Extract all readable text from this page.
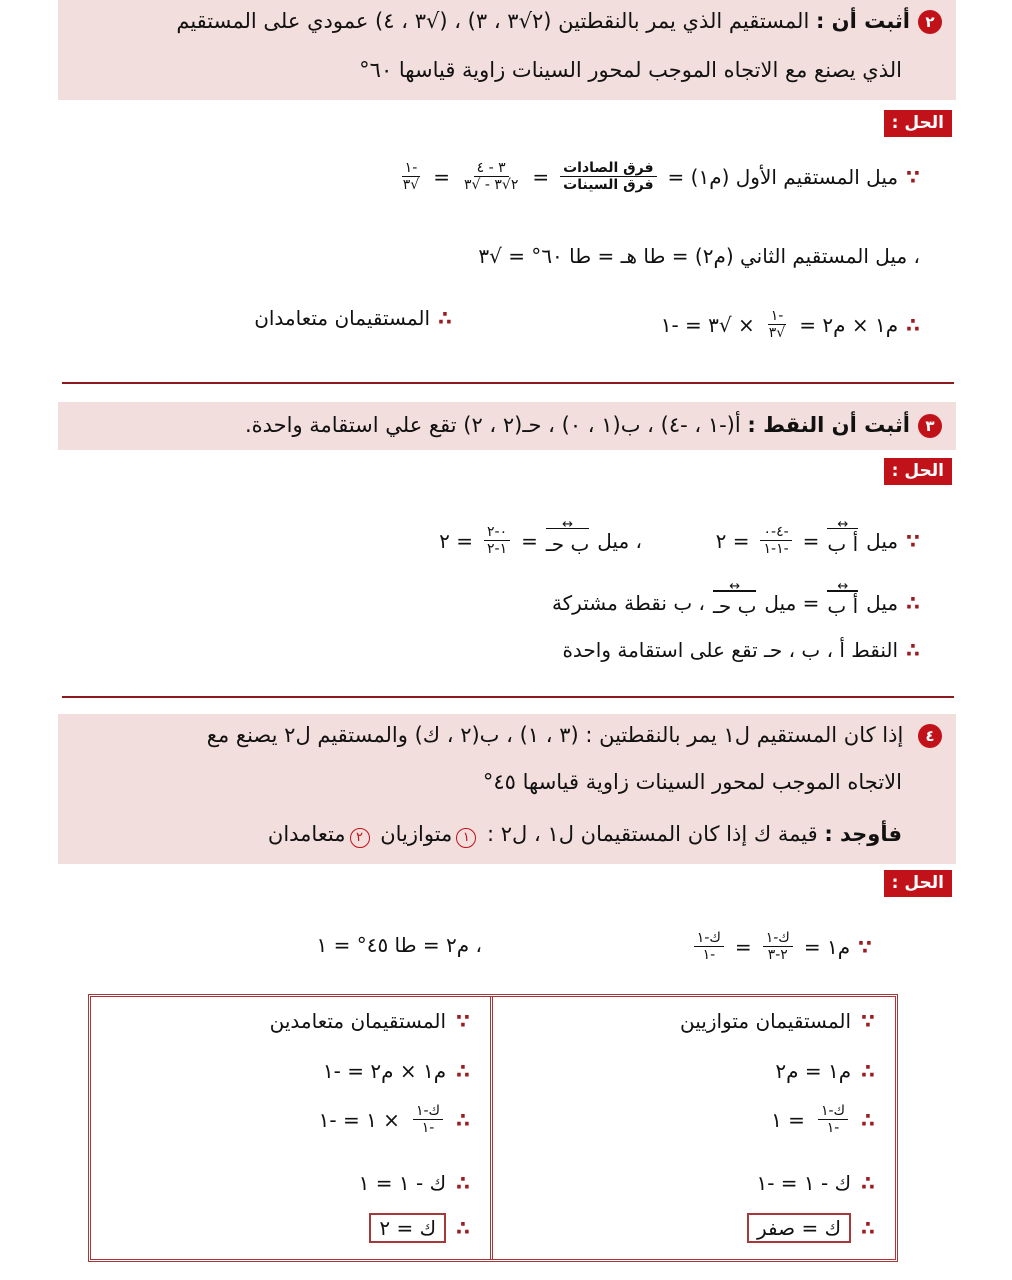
٢أثبت أن : المستقيم الذي يمر بالنقطتين (٢√٣ ، ٣) ، (√٣ ، ٤) عمودي على المستقيم
الذي يصنع مع الاتجاه الموجب لمحور السينات زاوية قياسها ٦٠°
الحل :
∵
ميل المستقيم الأول (م١) =
$\frac{\text{فرق الصادات}}{\text{فرق السينات}}$
=
$\frac{٣ - ٤}{٢√٣ - √٣}$
=
$\frac{-١}{√٣}$
، ميل المستقيم الثاني (م٢) = طا هـ = طا ٦٠° = √٣
∴
م١ × م٢ =
$\frac{-١}{√٣}$
× √٣ = -١
∴
المستقيمان متعامدان
٣أثبت أن النقط : أ(-١ ، -٤) ، ب(١ ، ٠) ، حـ(٢ ، ٢) تقع علي استقامة واحدة.
الحل :
∵
ميل
أ ب ↔
=
$\frac{-٤-٠}{-١-١}$
= ٢
، ميل
ب حـ ↔
=
$\frac{٠-٢}{١-٢}$
= ٢
∴
ميل
أ ب ↔
= ميل
ب حـ ↔
، ب نقطة مشتركة
∴
النقط أ ، ب ، حـ تقع على استقامة واحدة
٤ إذا كان المستقيم ل١ يمر بالنقطتين : (٣ ، ١) ، ب(٢ ، ك) والمستقيم ل٢ يصنع مع
الاتجاه الموجب لمحور السينات زاوية قياسها ٤٥°
فأوجد : قيمة ك إذا كان المستقيمان ل١ ، ل٢ : ١متوازيان ٢متعامدان
الحل :
∵
م١ =
$\frac{\text{ك-١}}{٢-٣}$
=
$\frac{\text{ك-١}}{-١}$
، م٢ = طا ٤٥° = ١
∵
المستقيمان متوازيين
∴
م١ = م٢
∴
$\frac{\text{ك-١}}{-١}$
= ١
∴
ك - ١ = -١
∴
ك = صفر
∵
المستقيمان متعامدين
∴
م١ × م٢ = -١
∴
$\frac{\text{ك-١}}{-١}$
× ١ = -١
∴
ك - ١ = ١
∴
ك = ٢
